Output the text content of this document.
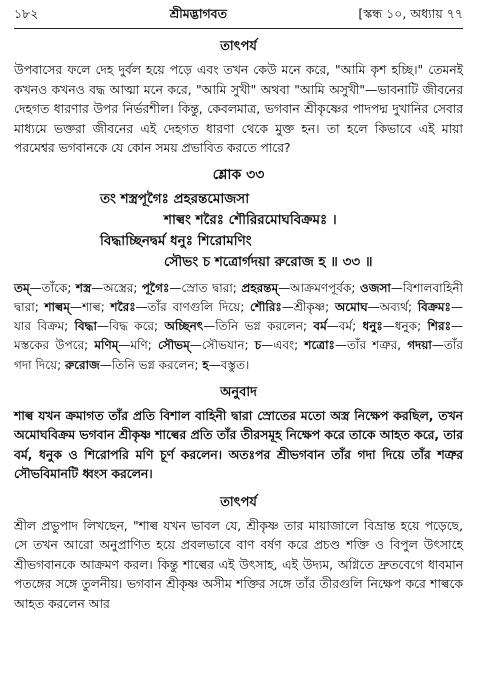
১৮২	শ্রীমদ্ভাগবত	[স্কন্ধ ১০, অধ্যায় ৭৭
তাৎপর্য

উপবাসের ফলে দেহ দুর্বল হয়ে পড়ে এবং তখন কেউ মনে করে, "আমি কৃশ হচ্ছি।" তেমনই কখনও কখনও বদ্ধ আত্মা মনে করে, "আমি সুখী" অথবা "আমি অসুখী"—ভাবনাটি জীবনের দেহগত ধারণার উপর নির্ভরশীল। কিন্তু, কেবলমাত্র, ভগবান শ্রীকৃষ্ণের পাদপদ্ম দুখানির সেবার মাধ্যমে ভক্তরা জীবনের এই দেহগত ধারণা থেকে মুক্ত হন। তা হলে কিভাবে এই মায়া পরমেশ্বর ভগবানকে যে কোন সময় প্রভাবিত করতে পারে?

শ্লোক ৩৩
তং শস্ত্রপূগৈঃ প্রহরন্তমোজসা
শাল্বং শরৈঃ শৌরিরমোঘবিক্রমঃ ।
বিদ্ধাচ্ছিনদ্বর্ম ধনুঃ শিরোমণিং
সৌভং চ শত্রোর্গদয়া রুরোজ হ ॥ ৩৩ ॥

তম্—তাঁকে; শস্ত্র—অস্ত্রের; পূগৈঃ—স্রোত দ্বারা; প্রহরন্তম্—আক্রমণপূর্বক; ওজসা—বিশালবাহিনী দ্বারা; শাল্বম্—শাল্ব; শরৈঃ—তাঁর বাণগুলি দিয়ে; শৌরিঃ—শ্রীকৃষ্ণ; অমোঘ—অব্যর্থ; বিক্রমঃ—যার বিক্রম; বিদ্ধা—বিদ্ধ করে; অচ্ছিনৎ—তিনি ভগ্ন করলেন; বর্ম—বর্ম; ধনুঃ—ধনুক; শিরঃ—মস্তকের উপরে; মণিম্—মণি; সৌভম্—সৌভযান; চ—এবং; শত্রোঃ—তাঁর শত্রুর, গদয়া—তাঁর গদা দিয়ে; রুরোজ—তিনি ভগ্ন করলেন; হ—বস্তুত।

অনুবাদ

শাল্ব যখন ক্রমাগত তাঁর প্রতি বিশাল বাহিনী দ্বারা স্রোতের মতো অস্ত্র নিক্ষেপ করছিল, তখন অমোঘবিক্রম ভগবান শ্রীকৃষ্ণ শাল্বের প্রতি তাঁর তীরসমূহ নিক্ষেপ করে তাকে আহত করে, তার বর্ম, ধনুক ও শিরোপরি মণি চূর্ণ করলেন। অতঃপর শ্রীভগবান তাঁর গদা দিয়ে তাঁর শত্রুর সৌভবিমানটি ধ্বংস করলেন।

তাৎপর্য

শ্রীল প্রভুপাদ লিখছেন, "শাল্ব যখন ভাবল যে, শ্রীকৃষ্ণ তার মায়াজালে বিভ্রান্ত হয়ে পড়েছে, সে তখন আরো অনুপ্রাণিত হয়ে প্রবলভাবে বাণ বর্ষণ করে প্রচণ্ড শক্তি ও বিপুল উৎসাহে শ্রীভগবানকে আক্রমণ করল। কিন্তু শাল্বের এই উৎসাহ, এই উদ্যম, অগ্নিতে দ্রুতবেগে ধাবমান পতঙ্গের সঙ্গে তুলনীয়। ভগবান শ্রীকৃষ্ণ অসীম শক্তির সঙ্গে তাঁর তীরগুলি নিক্ষেপ করে শাল্বকে আহত করলেন আর
